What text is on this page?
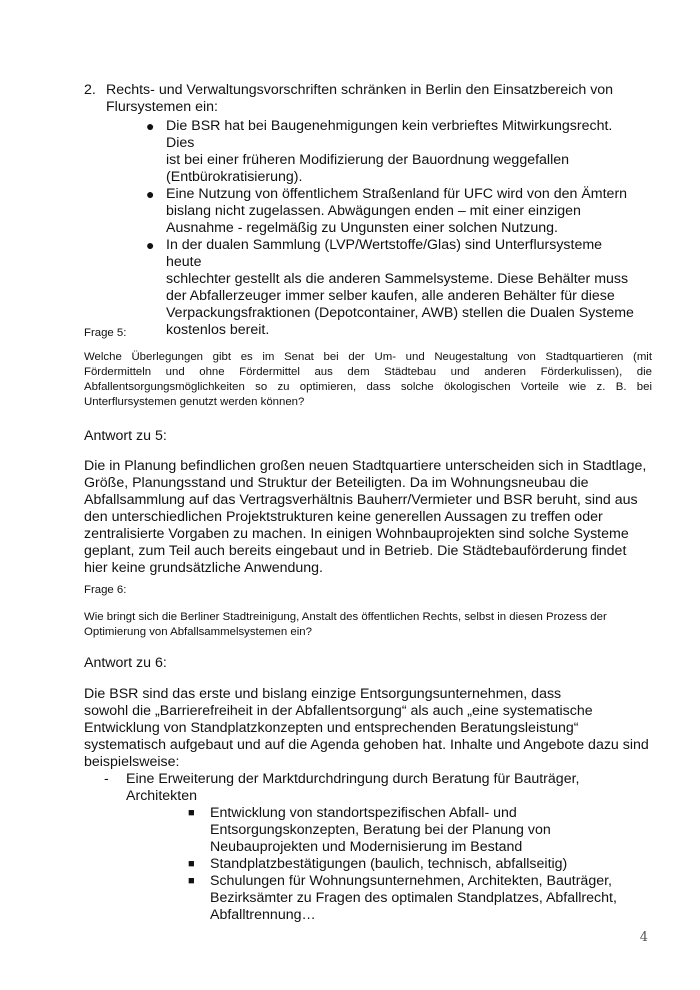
2. Rechts- und Verwaltungsvorschriften schränken in Berlin den Einsatzbereich von
Flursystemen ein:
● Die BSR hat bei Baugenehmigungen kein verbrieftes Mitwirkungsrecht. Dies
ist bei einer früheren Modifizierung der Bauordnung weggefallen
(Entbürokratisierung).
● Eine Nutzung von öffentlichem Straßenland für UFC wird von den Ämtern
bislang nicht zugelassen. Abwägungen enden – mit einer einzigen
Ausnahme - regelmäßig zu Ungunsten einer solchen Nutzung.
● In der dualen Sammlung (LVP/Wertstoffe/Glas) sind Unterflursysteme heute
schlechter gestellt als die anderen Sammelsysteme. Diese Behälter muss
der Abfallerzeuger immer selber kaufen, alle anderen Behälter für diese
Verpackungsfraktionen (Depotcontainer, AWB) stellen die Dualen Systeme
kostenlos bereit.
Frage 5:
Welche Überlegungen gibt es im Senat bei der Um- und Neugestaltung von Stadtquartieren (mit
Fördermitteln und ohne Fördermittel aus dem Städtebau und anderen Förderkulissen), die
Abfallentsorgungsmöglichkeiten so zu optimieren, dass solche ökologischen Vorteile wie z. B. bei
Unterflursystemen genutzt werden können?
Antwort zu 5:
Die in Planung befindlichen großen neuen Stadtquartiere unterscheiden sich in Stadtlage,
Größe, Planungsstand und Struktur der Beteiligten. Da im Wohnungsneubau die
Abfallsammlung auf das Vertragsverhältnis Bauherr/Vermieter und BSR beruht, sind aus
den unterschiedlichen Projektstrukturen keine generellen Aussagen zu treffen oder
zentralisierte Vorgaben zu machen. In einigen Wohnbauprojekten sind solche Systeme
geplant, zum Teil auch bereits eingebaut und in Betrieb. Die Städtebauförderung findet
hier keine grundsätzliche Anwendung.
Frage 6:
Wie bringt sich die Berliner Stadtreinigung, Anstalt des öffentlichen Rechts, selbst in diesen Prozess der
Optimierung von Abfallsammelsystemen ein?
Antwort zu 6:
Die BSR sind das erste und bislang einzige Entsorgungsunternehmen, dass
sowohl die „Barrierefreiheit in der Abfallentsorgung“ als auch „eine systematische
Entwicklung von Standplatzkonzepten und entsprechenden Beratungsleistung“
systematisch aufgebaut und auf die Agenda gehoben hat. Inhalte und Angebote dazu sind
beispielsweise:
- Eine Erweiterung der Marktdurchdringung durch Beratung für Bauträger,
Architekten
■ Entwicklung von standortspezifischen Abfall- und
Entsorgungskonzepten, Beratung bei der Planung von
Neubauprojekten und Modernisierung im Bestand
■ Standplatzbestätigungen (baulich, technisch, abfallseitig)
■ Schulungen für Wohnungsunternehmen, Architekten, Bauträger,
Bezirksämter zu Fragen des optimalen Standplatzes, Abfallrecht,
Abfalltrennung…
4
